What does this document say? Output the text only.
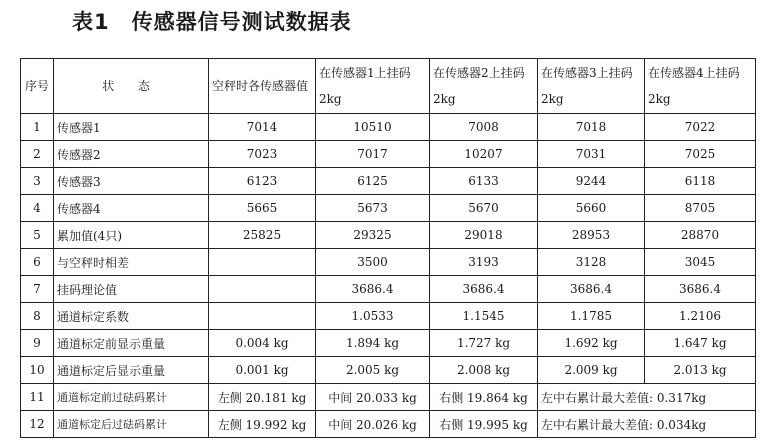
表1 传感器信号测试数据表
序号	状 态	空秤时各传感器值	在传感器1上挂码2kg	在传感器2上挂码2kg	在传感器3上挂码2kg	在传感器4上挂码2kg
1	传感器1	7014	10510	7008	7018	7022
2	传感器2	7023	7017	10207	7031	7025
3	传感器3	6123	6125	6133	9244	6118
4	传感器4	5665	5673	5670	5660	8705
5	累加值(4只)	25825	29325	29018	28953	28870
6	与空秤时相差		3500	3193	3128	3045
7	挂码理论值		3686.4	3686.4	3686.4	3686.4
8	通道标定系数		1.0533	1.1545	1.1785	1.2106
9	通道标定前显示重量	0.004 kg	1.894 kg	1.727 kg	1.692 kg	1.647 kg
10	通道标定后显示重量	0.001 kg	2.005 kg	2.008 kg	2.009 kg	2.013 kg
11	通道标定前过砝码累计	左侧 20.181 kg	中间 20.033 kg	右侧 19.864 kg	左中右累计最大差值: 0.317kg	
12	通道标定后过砝码累计	左侧 19.992 kg	中间 20.026 kg	右侧 19.995 kg	左中右累计最大差值: 0.034kg	
